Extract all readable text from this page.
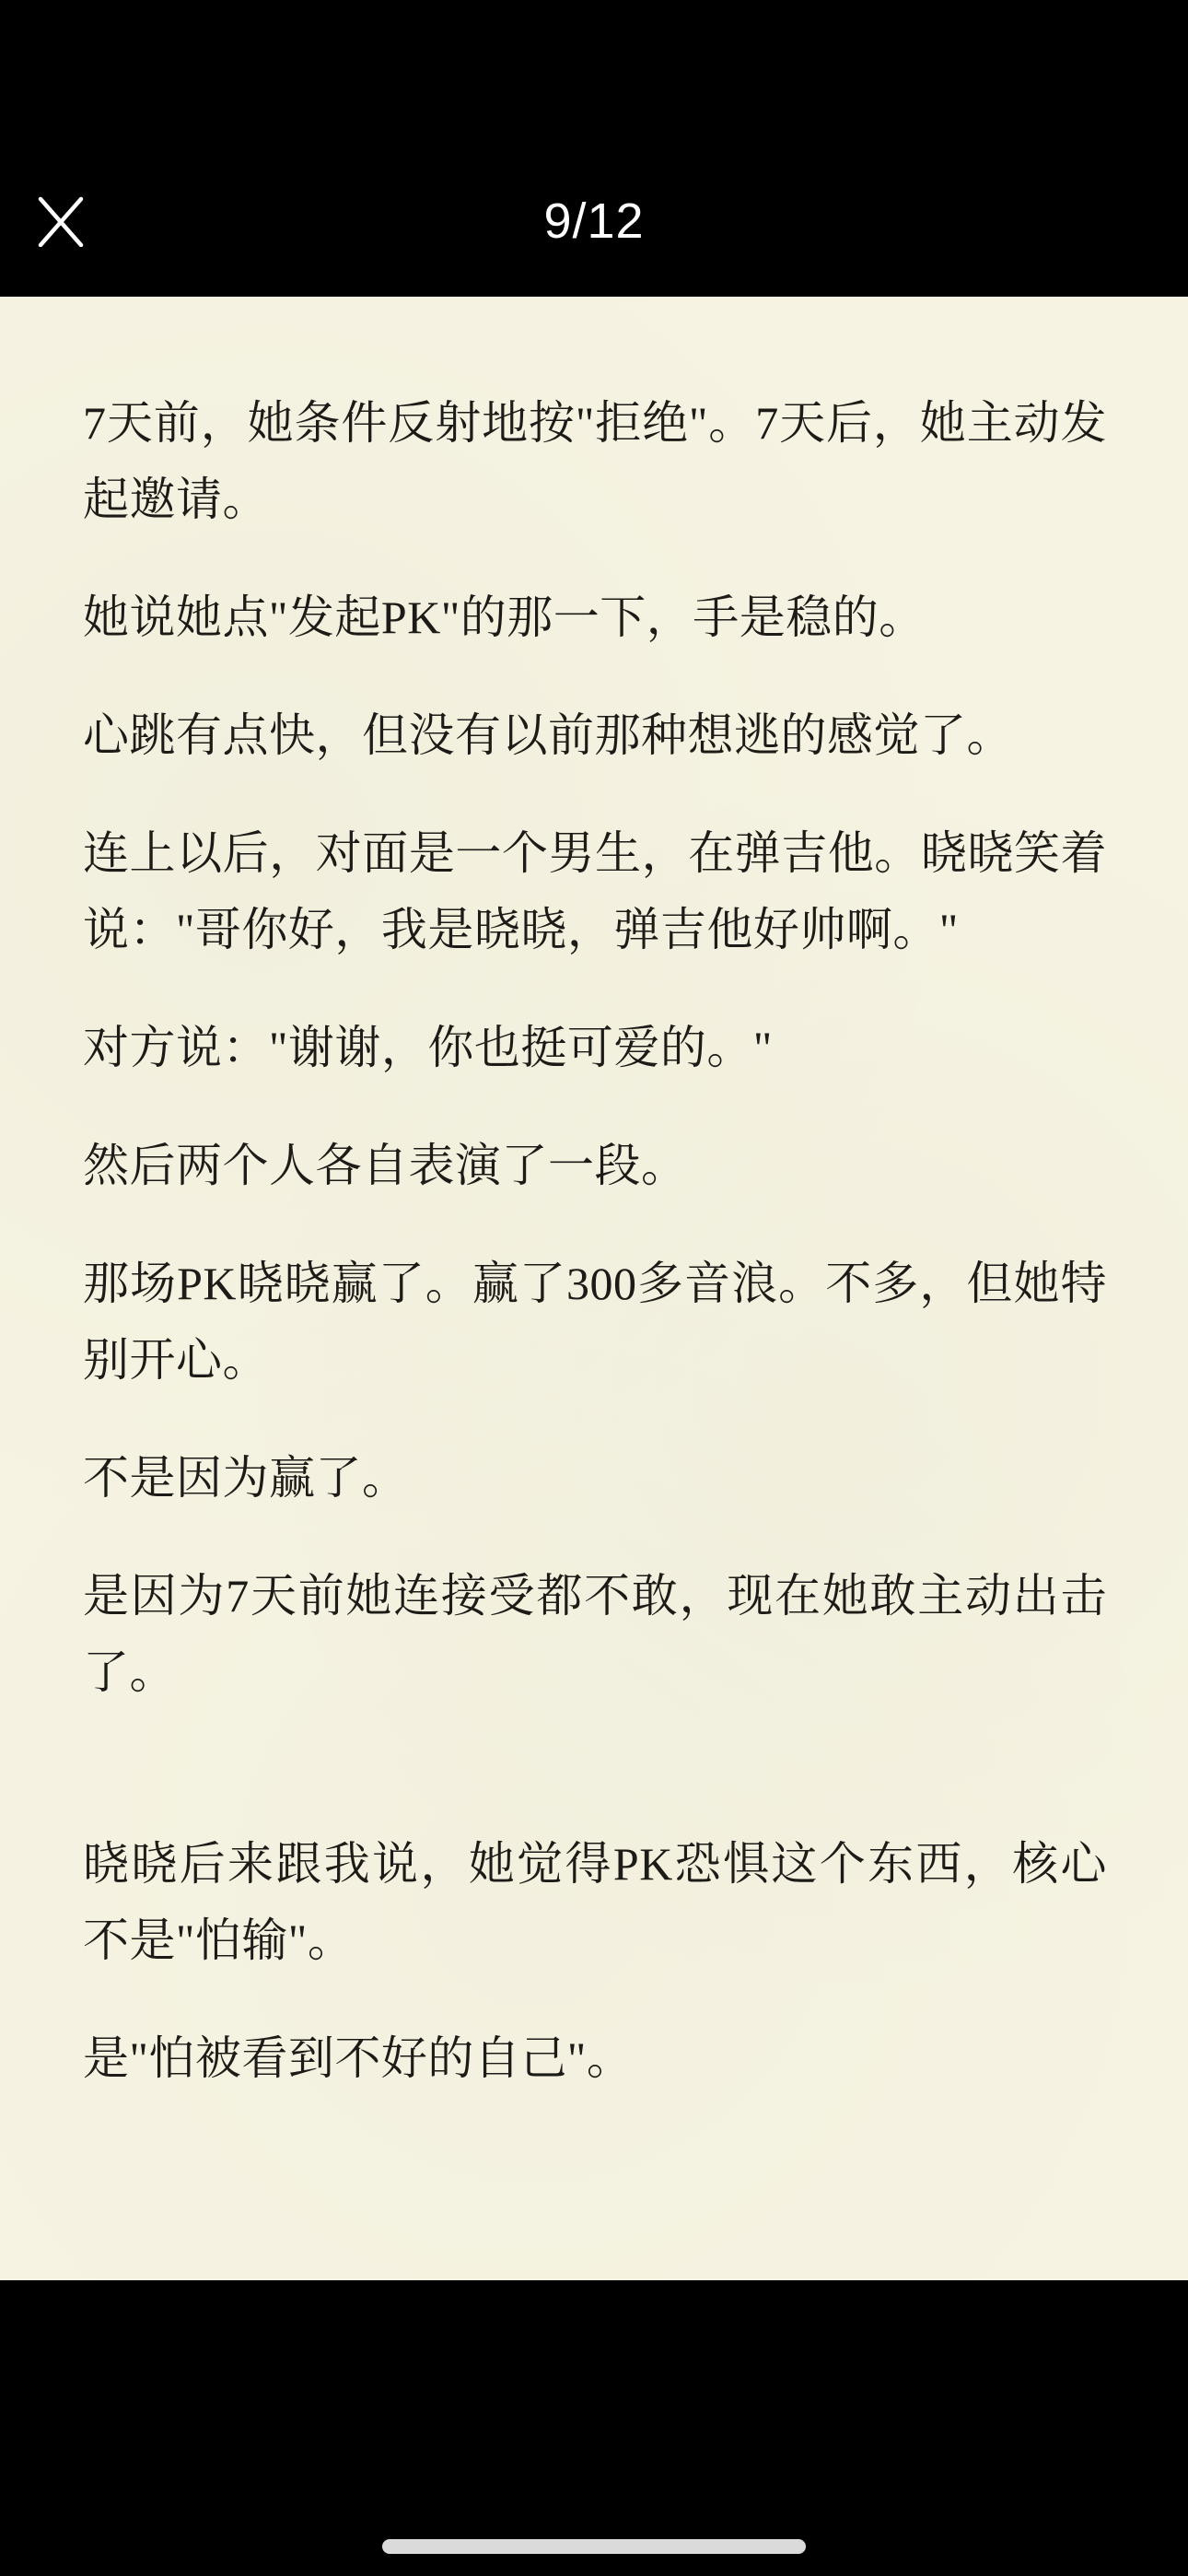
9/12

7天前，她条件反射地按"拒绝"。7天后，她主动发起邀请。

她说她点"发起PK"的那一下，手是稳的。

心跳有点快，但没有以前那种想逃的感觉了。

连上以后，对面是一个男生，在弹吉他。晓晓笑着说："哥你好，我是晓晓，弹吉他好帅啊。"

对方说："谢谢，你也挺可爱的。"

然后两个人各自表演了一段。

那场PK晓晓赢了。赢了300多音浪。不多，但她特别开心。

不是因为赢了。

是因为7天前她连接受都不敢，现在她敢主动出击了。

晓晓后来跟我说，她觉得PK恐惧这个东西，核心不是"怕输"。

是"怕被看到不好的自己"。
